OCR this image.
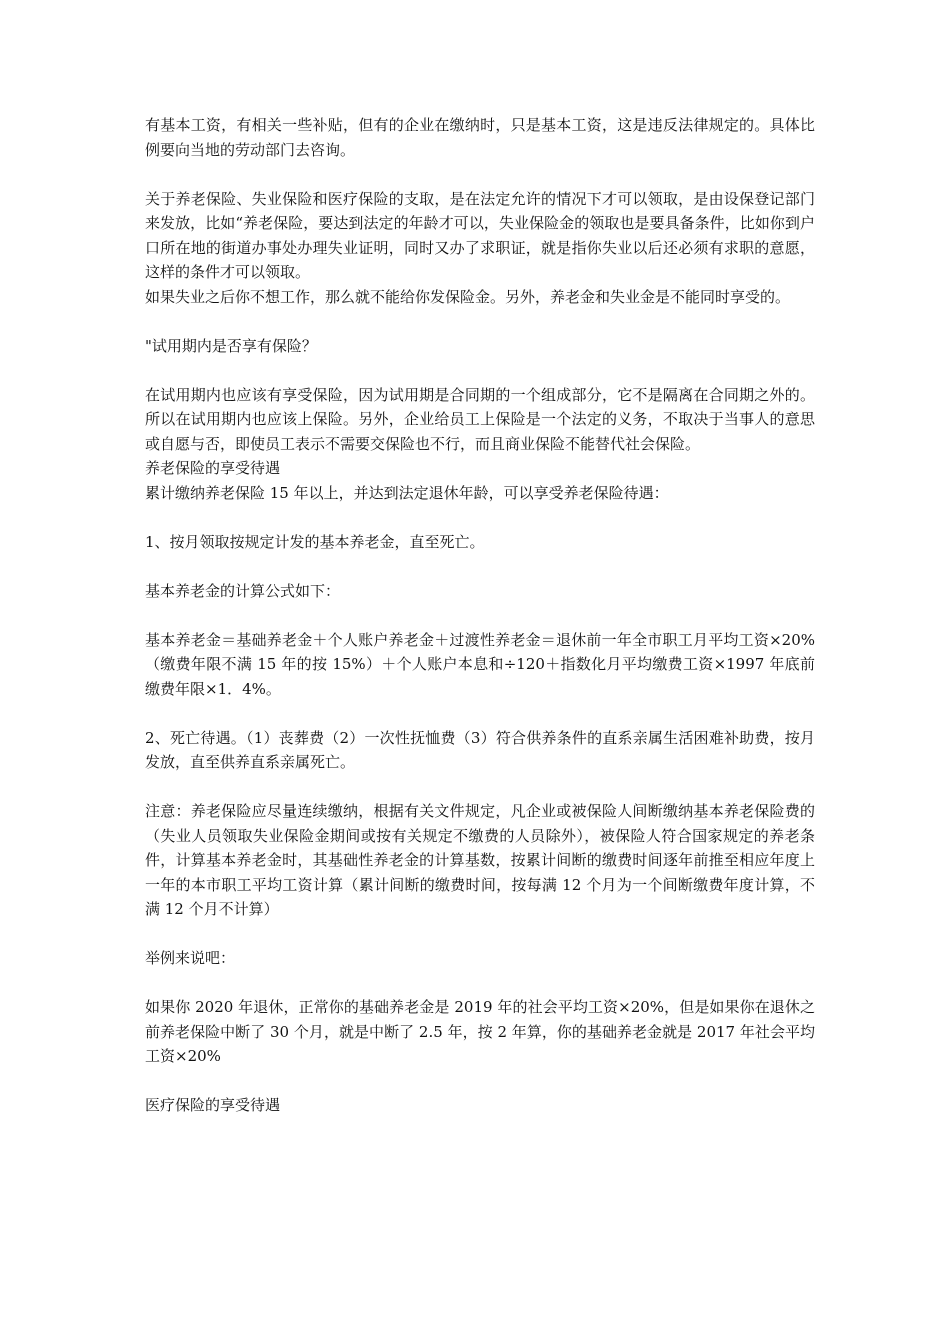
有基本工资，有相关一些补贴，但有的企业在缴纳时，只是基本工资，这是违反法律规定的。具体比例要向当地的劳动部门去咨询。

关于养老保险、失业保险和医疗保险的支取，是在法定允许的情况下才可以领取，是由设保登记部门来发放，比如“养老保险，要达到法定的年龄才可以，失业保险金的领取也是要具备条件，比如你到户口所在地的街道办事处办理失业证明，同时又办了求职证，就是指你失业以后还必须有求职的意愿，这样的条件才可以领取。

如果失业之后你不想工作，那么就不能给你发保险金。另外，养老金和失业金是不能同时享受的。

"试用期内是否享有保险？

在试用期内也应该有享受保险，因为试用期是合同期的一个组成部分，它不是隔离在合同期之外的。所以在试用期内也应该上保险。另外，企业给员工上保险是一个法定的义务，不取决于当事人的意思或自愿与否，即使员工表示不需要交保险也不行，而且商业保险不能替代社会保险。

养老保险的享受待遇

累计缴纳养老保险 15 年以上，并达到法定退休年龄，可以享受养老保险待遇：

1、按月领取按规定计发的基本养老金，直至死亡。

基本养老金的计算公式如下：

基本养老金＝基础养老金＋个人账户养老金＋过渡性养老金＝退休前一年全市职工月平均工资×20%（缴费年限不满 15 年的按 15%）＋个人账户本息和÷120＋指数化月平均缴费工资×1997 年底前缴费年限×1．4%。

2、死亡待遇。（1）丧葬费（2）一次性抚恤费（3）符合供养条件的直系亲属生活困难补助费，按月发放，直至供养直系亲属死亡。

注意：养老保险应尽量连续缴纳，根据有关文件规定，凡企业或被保险人间断缴纳基本养老保险费的（失业人员领取失业保险金期间或按有关规定不缴费的人员除外），被保险人符合国家规定的养老条件，计算基本养老金时，其基础性养老金的计算基数，按累计间断的缴费时间逐年前推至相应年度上一年的本市职工平均工资计算（累计间断的缴费时间，按每满 12 个月为一个间断缴费年度计算，不满 12 个月不计算）

举例来说吧：

如果你 2020 年退休，正常你的基础养老金是 2019 年的社会平均工资×20%，但是如果你在退休之前养老保险中断了 30 个月，就是中断了 2.5 年，按 2 年算，你的基础养老金就是 2017 年社会平均工资×20%

医疗保险的享受待遇
